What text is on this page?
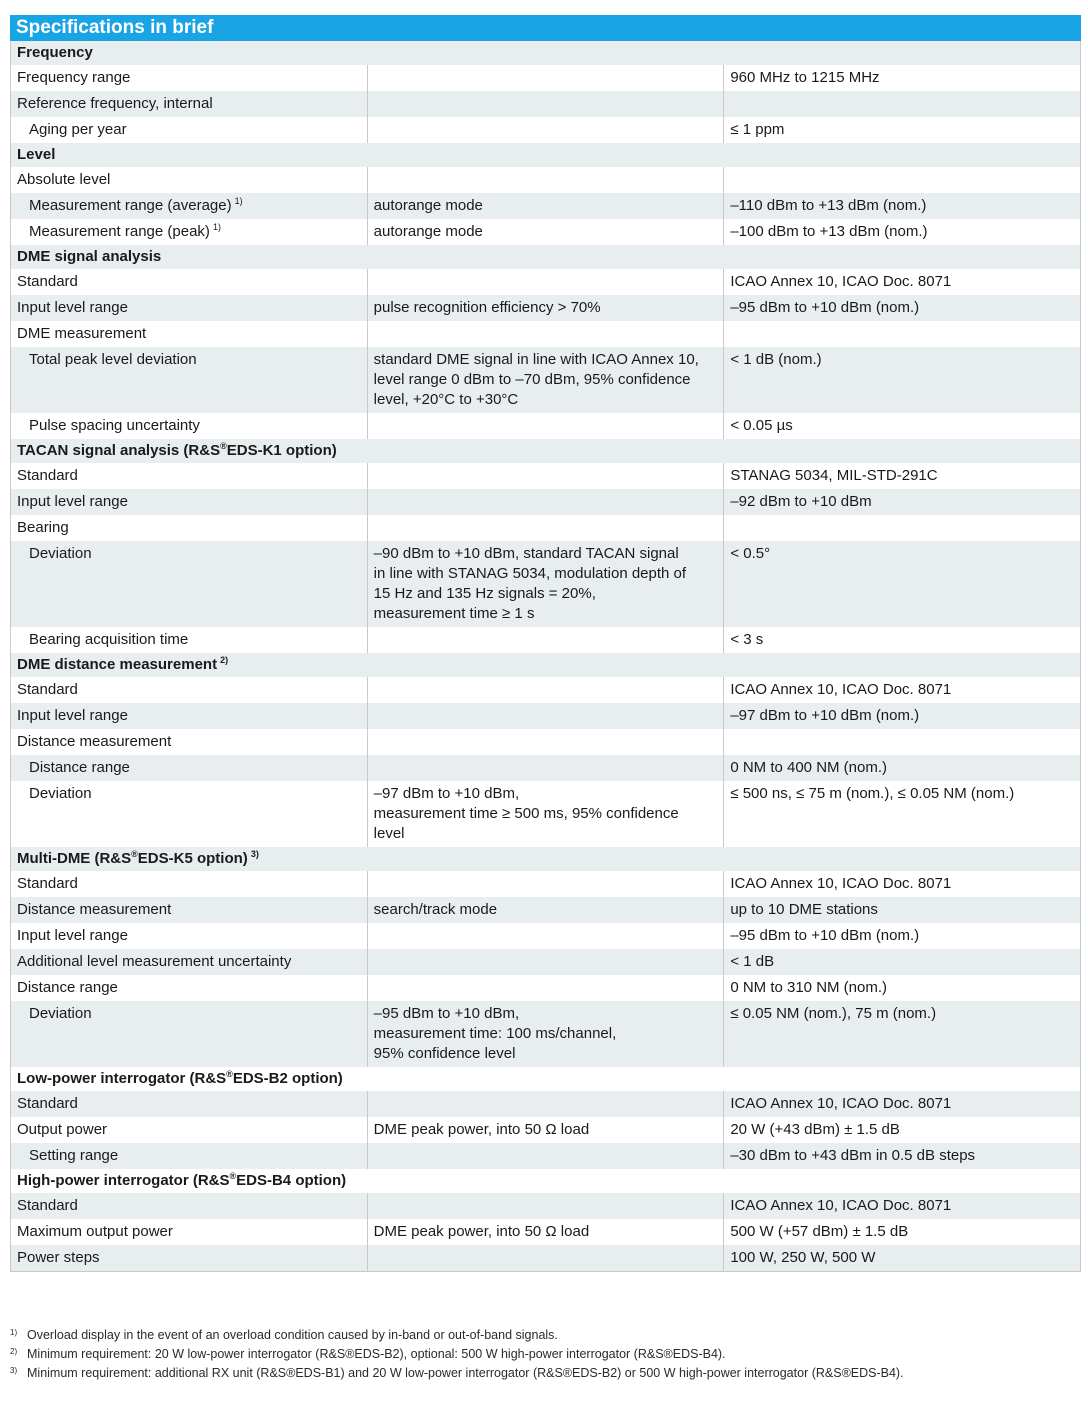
Specifications in brief
Frequency		
Frequency range		960 MHz to 1215 MHz
Reference frequency, internal		
Aging per year		≤ 1 ppm
Level		
Absolute level		
Measurement range (average)  $^{1)}$	autorange mode	–110 dBm to +13 dBm (nom.)
Measurement range (peak)  $^{1)}$	autorange mode	–100 dBm to +13 dBm (nom.)
DME signal analysis		
Standard		ICAO Annex 10, ICAO Doc. 8071
Input level range	pulse recognition efficiency > 70%	–95 dBm to +10 dBm (nom.)
DME measurement		
Total peak level deviation	standard DME signal in line with ICAO Annex 10,
level range 0 dBm to –70 dBm, 95% confidence
level, +20°C to +30°C	< 1 dB (nom.)
Pulse spacing uncertainty		< 0.05 µs
TACAN signal analysis (R&S®EDS-K1 option)		
Standard		STANAG 5034, MIL-STD-291C
Input level range		–92 dBm to +10 dBm
Bearing		
Deviation	–90 dBm to +10 dBm, standard TACAN signal
in line with STANAG 5034, modulation depth of
15 Hz and 135 Hz signals = 20%,
measurement time ≥ 1 s	< 0.5°
Bearing acquisition time		< 3 s
DME distance measurement  $^{2)}$
Standard		ICAO Annex 10, ICAO Doc. 8071
Input level range		–97 dBm to +10 dBm (nom.)
Distance measurement		
Distance range		0 NM to 400 NM (nom.)
Deviation	–97 dBm to +10 dBm,
measurement time ≥ 500 ms, 95% confidence
level	≤ 500 ns, ≤ 75 m (nom.), ≤ 0.05 NM (nom.)
Multi-DME (R&S®EDS-K5 option)  $^{3)}$
Standard		ICAO Annex 10, ICAO Doc. 8071
Distance measurement	search/track mode	up to 10 DME stations
Input level range		–95 dBm to +10 dBm (nom.)
Additional level measurement uncertainty		< 1 dB
Distance range		0 NM to 310 NM (nom.)
Deviation	–95 dBm to +10 dBm,
measurement time: 100 ms/channel,
95% confidence level	≤ 0.05 NM (nom.), 75 m (nom.)
Low-power interrogator (R&S®EDS-B2 option)		
Standard		ICAO Annex 10, ICAO Doc. 8071
Output power	DME peak power, into 50 Ω load	20 W (+43 dBm) ± 1.5 dB
Setting range		–30 dBm to +43 dBm in 0.5 dB steps
High-power interrogator (R&S®EDS-B4 option)		
Standard		ICAO Annex 10, ICAO Doc. 8071
Maximum output power	DME peak power, into 50 Ω load	500 W (+57 dBm) ± 1.5 dB
Power steps		100 W, 250 W, 500 W
1) Overload display in the event of an overload condition caused by in-band or out-of-band signals.
2) Minimum requirement: 20 W low-power interrogator (R&S®EDS-B2), optional: 500 W high-power interrogator (R&S®EDS-B4).
3) Minimum requirement: additional RX unit (R&S®EDS-B1) and 20 W low-power interrogator (R&S®EDS-B2) or 500 W high-power interrogator (R&S®EDS-B4).
